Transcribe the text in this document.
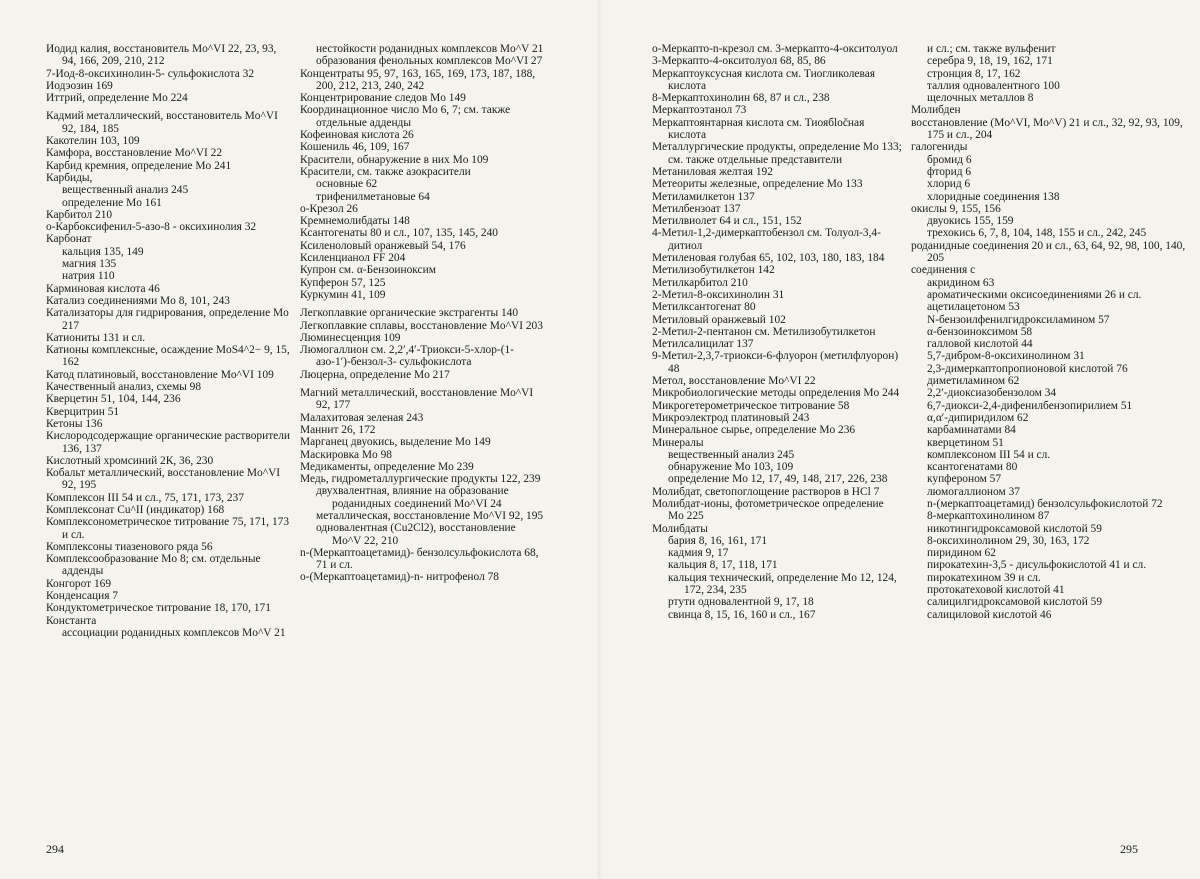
Иодид калия, восстановитель Mo^VI 22, 23, 93, 94, 166, 209, 210, 212
7-Иод-8-оксихинолин-5- сульфокислота 32
Иодэозин 169
Иттрий, определение Mo 224
Кадмий металлический, восстановитель Mo^VI 92, 184, 185
Какотелин 103, 109
Камфора, восстановление Mo^VI 22
Карбид кремния, определение Mo 241
Карбиды,
вещественный анализ 245
определение Mo 161
Карбитол 210
о-Карбоксифенил-5-азо-8 - оксихинолия 32
Карбонат
кальция 135, 149
магния 135
натрия 110
Карминовая кислота 46
Катализ соединениями Mo 8, 101, 243
Катализаторы для гидрирования, определение Mo 217
Катиониты 131 и сл.
Катионы комплексные, осаждение MoS4^2− 9, 15, 162
Катод платиновый, восстановление Mo^VI 109
Качественный анализ, схемы 98
Кверцетин 51, 104, 144, 236
Кверцитрин 51
Кетоны 136
Кислородсодержащие органические растворители 136, 137
Кислотный хромсиний 2К, 36, 230
Кобальт металлический, восстановление Mo^VI 92, 195
Комплексон III 54 и сл., 75, 171, 173, 237
Комплексонат Cu^II (индикатор) 168
Комплексонометрическое титрование 75, 171, 173 и сл.
Комплексоны тиазенового ряда 56
Комплексообразование Mo 8; см. отдельные адденды
Конгорот 169
Конденсация 7
Кондуктометрическое титрование 18, 170, 171
Константа
ассоциации роданидных комплексов Mo^V 21
нестойкости роданидных комплексов Mo^V 21
образования фенольных комплексов Mo^VI 27
Концентраты 95, 97, 163, 165, 169, 173, 187, 188, 200, 212, 213, 240, 242
Концентрирование следов Mo 149
Координационное число Mo 6, 7; см. также отдельные адденды
Кофеиновая кислота 26
Кошениль 46, 109, 167
Красители, обнаружение в них Mo 109
Красители, см. также азокрасители
основные 62
трифенилметановые 64
о-Крезол 26
Кремнемолибдаты 148
Ксантогенаты 80 и сл., 107, 135, 145, 240
Ксиленоловый оранжевый 54, 176
Ксиленцианол FF 204
Купрон см. α-Бензоиноксим
Купферон 57, 125
Куркумин 41, 109
Легкоплавкие органические экстрагенты 140
Легкоплавкие сплавы, восстановление Mo^VI 203
Люминесценция 109
Люмогаллион см. 2,2′,4′-Триокси-5-хлор-(1-азо-1′)-бензол-3- сульфокислота
Люцерна, определение Mo 217
Магний металлический, восстановление Mo^VI 92, 177
Малахитовая зеленая 243
Маннит 26, 172
Марганец двуокись, выделение Mo 149
Маскировка Mo 98
Медикаменты, определение Mo 239
Медь, гидрометаллургические продукты 122, 239
двухвалентная, влияние на образование роданидных соединений Mo^VI 24
металлическая, восстановление Mo^VI 92, 195
одновалентная (Cu2Cl2), восстановление Mo^V 22, 210
n-(Меркаптоацетамид)- бензолсульфокислота 68, 71 и сл.
о-(Меркаптоацетамид)-n- нитрофенол 78
294
о-Меркапто-n-крезол см. 3-меркапто-4-окситолуол
3-Меркапто-4-окситолуол 68, 85, 86
Меркаптоуксусная кислота см. Тиогликолевая кислота
8-Меркаптохинолин 68, 87 и сл., 238
Меркаптоэтанол 73
Меркаптоянтарная кислота см. Тиоябločная кислота
Металлургические продукты, определение Mo 133; см. также отдельные представители
Метаниловая желтая 192
Метеориты железные, определение Mo 133
Метиламилкетон 137
Метилбензоат 137
Метилвиолет 64 и сл., 151, 152
4-Метил-1,2-димеркаптобензол см. Толуол-3,4-дитиол
Метиленовая голубая 65, 102, 103, 180, 183, 184
Метилизобутилкетон 142
Метилкарбитол 210
2-Метил-8-оксихинолин 31
Метилксантогенат 80
Метиловый оранжевый 102
2-Метил-2-пентанон см. Метилизобутилкетон
Метилсалицилат 137
9-Метил-2,3,7-триокси-6-флуорон (метилфлуорон) 48
Метол, восстановление Mo^VI 22
Микробиологические методы определения Mo 244
Микрогетерометрическое титрование 58
Микроэлектрод платиновый 243
Минеральное сырье, определение Mo 236
Минералы
вещественный анализ 245
обнаружение Mo 103, 109
определение Mo 12, 17, 49, 148, 217, 226, 238
Молибдат, светопоглощение растворов в HCl 7
Молибдат-ионы, фотометрическое определение Mo 225
Молибдаты
бария 8, 16, 161, 171
кадмия 9, 17
кальция 8, 17, 118, 171
кальция технический, определение Mo 12, 124, 172, 234, 235
ртути одновалентной 9, 17, 18
свинца 8, 15, 16, 160 и сл., 167
и сл.; см. также вульфенит
серебра 9, 18, 19, 162, 171
стронция 8, 17, 162
таллия одновалентного 100
щелочных металлов 8
Молибден
восстановление (Mo^VI, Mo^V) 21 и сл., 32, 92, 93, 109, 175 и сл., 204
галогениды
бромид 6
фторид 6
хлорид 6
хлоридные соединения 138
окислы 9, 155, 156
двуокись 155, 159
трехокись 6, 7, 8, 104, 148, 155 и сл., 242, 245
роданидные соединения 20 и сл., 63, 64, 92, 98, 100, 140, 205
соединения с
акридином 63
ароматическими оксисоединениями 26 и сл.
ацетилацетоном 53
N-бензоилфенилгидроксиламином 57
α-бензоиноксимом 58
галловой кислотой 44
5,7-дибром-8-оксихинолином 31
2,3-димеркаптопропионовой кислотой 76
диметиламином 62
2,2′-диоксиазобензолом 34
6,7-диокси-2,4-дифенилбензопирилием 51
α,α′-дипиридилом 62
карбаминатами 84
кверцетином 51
комплексоном III 54 и сл.
ксантогенатами 80
купфероном 57
люмогаллионом 37
n-(меркаптоацетамид) бензолсульфокислотой 72
8-меркаптохинолином 87
никотингидроксамовой кислотой 59
8-оксихинолином 29, 30, 163, 172
пиридином 62
пирокатехин-3,5 - дисульфокислотой 41 и сл.
пирокатехином 39 и сл.
протокатеховой кислотой 41
салицилгидроксамовой кислотой 59
салициловой кислотой 46
295
